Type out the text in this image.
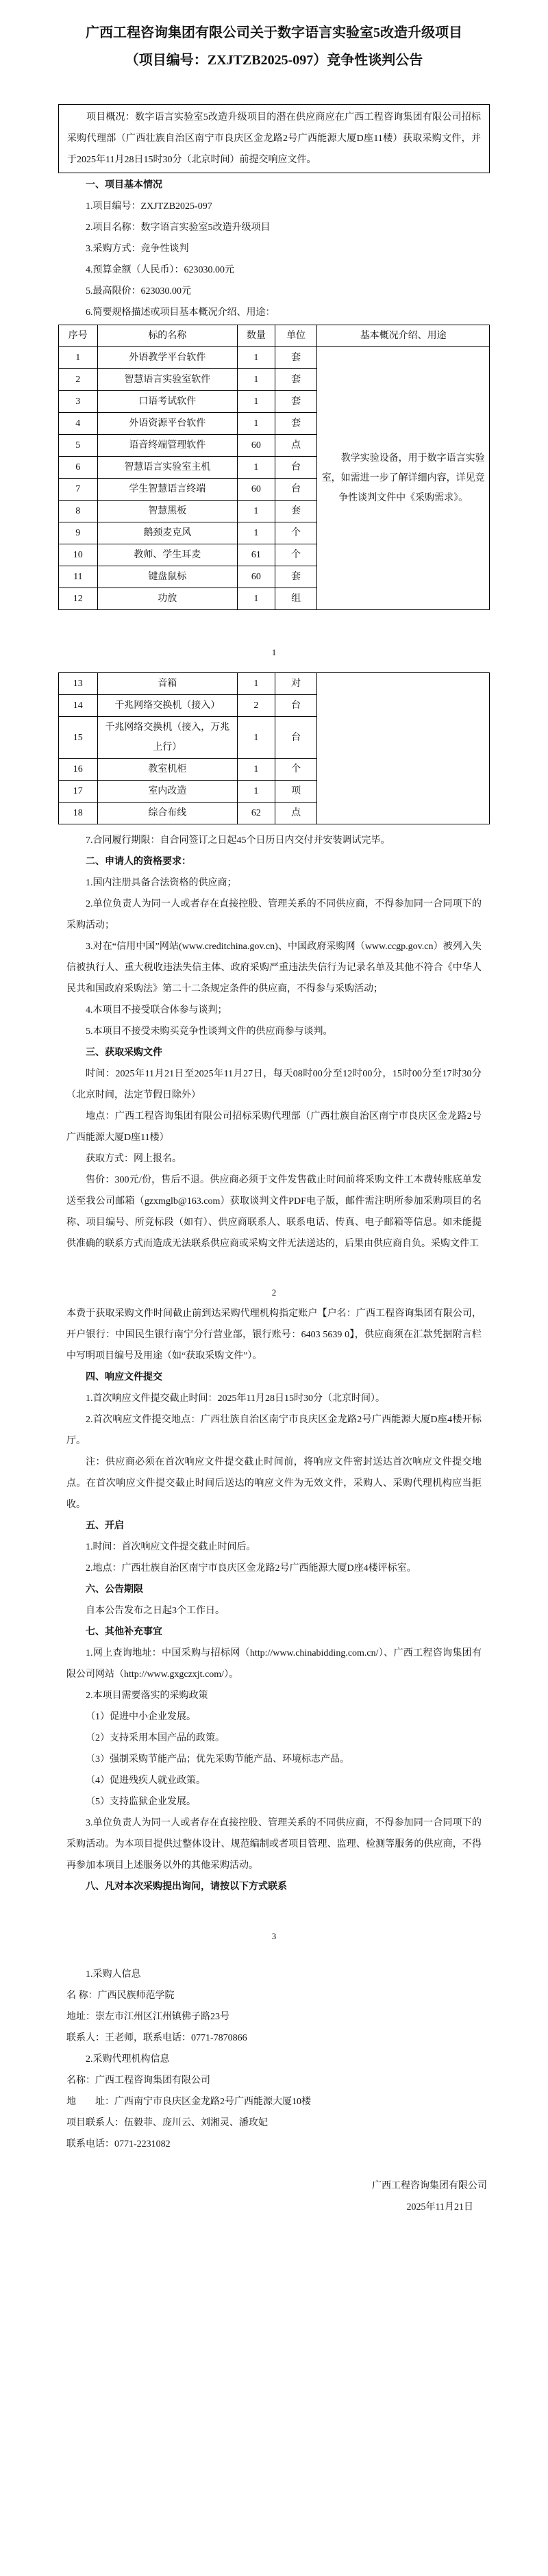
广西工程咨询集团有限公司关于数字语言实验室5改造升级项目
（项目编号：ZXJTZB2025-097）竞争性谈判公告

项目概况：数字语言实验室5改造升级项目的潜在供应商应在广西工程咨询集团有限公司招标采购代理部（广西壮族自治区南宁市良庆区金龙路2号广西能源大厦D座11楼）获取采购文件，并于2025年11月28日15时30分（北京时间）前提交响应文件。

一、项目基本情况

1.项目编号：ZXJTZB2025-097

2.项目名称：数字语言实验室5改造升级项目

3.采购方式：竞争性谈判

4.预算金额（人民币）：623030.00元

5.最高限价：623030.00元

6.简要规格描述或项目基本概况介绍、用途：

序号	标的名称	数量	单位	基本概况介绍、用途
1	外语教学平台软件	1	套	教学实验设备，用于数字语言实验室，如需进一步了解详细内容，详见竞争性谈判文件中《采购需求》。
2	智慧语言实验室软件	1	套	
3	口语考试软件	1	套	
4	外语资源平台软件	1	套	
5	语音终端管理软件	60	点	
6	智慧语言实验室主机	1	台	
7	学生智慧语言终端	60	台	
8	智慧黑板	1	套	
9	鹅颈麦克风	1	个	
10	教师、学生耳麦	61	个	
11	键盘鼠标	60	套	
12	功放	1	组	
1
13	音箱	1	对	
14	千兆网络交换机（接入）	2	台	
15	千兆网络交换机（接入，万兆上行）	1	台	
16	教室机柜	1	个	
17	室内改造	1	项	
18	综合布线	62	点	

7.合同履行期限：自合同签订之日起45个日历日内交付并安装调试完毕。

二、申请人的资格要求：

1.国内注册具备合法资格的供应商；

2.单位负责人为同一人或者存在直接控股、管理关系的不同供应商，不得参加同一合同项下的采购活动；

3.对在“信用中国”网站(www.creditchina.gov.cn)、中国政府采购网（www.ccgp.gov.cn）被列入失信被执行人、重大税收违法失信主体、政府采购严重违法失信行为记录名单及其他不符合《中华人民共和国政府采购法》第二十二条规定条件的供应商，不得参与采购活动；

4.本项目不接受联合体参与谈判；

5.本项目不接受未购买竞争性谈判文件的供应商参与谈判。

三、获取采购文件

时间：2025年11月21日至2025年11月27日，每天08时00分至12时00分，15时00分至17时30分（北京时间，法定节假日除外）

地点：广西工程咨询集团有限公司招标采购代理部（广西壮族自治区南宁市良庆区金龙路2号广西能源大厦D座11楼）

获取方式：网上报名。

售价：300元/份，售后不退。供应商必须于文件发售截止时间前将采购文件工本费转账底单发送至我公司邮箱（gzxmglb@163.com）获取谈判文件PDF电子版，邮件需注明所参加采购项目的名称、项目编号、所竞标段（如有）、供应商联系人、联系电话、传真、电子邮箱等信息。如未能提供准确的联系方式而造成无法联系供应商或采购文件无法送达的，后果由供应商自负。采购文件工

2

本费于获取采购文件时间截止前到达采购代理机构指定账户【户名：广西工程咨询集团有限公司，开户银行：中国民生银行南宁分行营业部，银行账号：6403 5639 0】，供应商须在汇款凭据附言栏中写明项目编号及用途（如“获取采购文件”）。

四、响应文件提交

1.首次响应文件提交截止时间：2025年11月28日15时30分（北京时间）。

2.首次响应文件提交地点：广西壮族自治区南宁市良庆区金龙路2号广西能源大厦D座4楼开标厅。

注：供应商必须在首次响应文件提交截止时间前，将响应文件密封送达首次响应文件提交地点。在首次响应文件提交截止时间后送达的响应文件为无效文件，采购人、采购代理机构应当拒收。

五、开启

1.时间：首次响应文件提交截止时间后。

2.地点：广西壮族自治区南宁市良庆区金龙路2号广西能源大厦D座4楼评标室。

六、公告期限

自本公告发布之日起3个工作日。

七、其他补充事宜

1.网上查询地址：中国采购与招标网（http://www.chinabidding.com.cn/）、广西工程咨询集团有限公司网站（http://www.gxgczxjt.com/）。

2.本项目需要落实的采购政策

（1）促进中小企业发展。

（2）支持采用本国产品的政策。

（3）强制采购节能产品；优先采购节能产品、环境标志产品。

（4）促进残疾人就业政策。

（5）支持监狱企业发展。

3.单位负责人为同一人或者存在直接控股、管理关系的不同供应商，不得参加同一合同项下的采购活动。为本项目提供过整体设计、规范编制或者项目管理、监理、检测等服务的供应商，不得再参加本项目上述服务以外的其他采购活动。

八、凡对本次采购提出询问，请按以下方式联系

3

1.采购人信息

名 称：广西民族师范学院

地址：崇左市江州区江州镇佛子路23号

联系人：王老师，联系电话：0771-7870866

2.采购代理机构信息

名称：广西工程咨询集团有限公司

地　　址：广西南宁市良庆区金龙路2号广西能源大厦10楼

项目联系人：伍毅菲、庞川云、刘湘灵、潘玫妃

联系电话：0771-2231082

广西工程咨询集团有限公司
2025年11月21日
